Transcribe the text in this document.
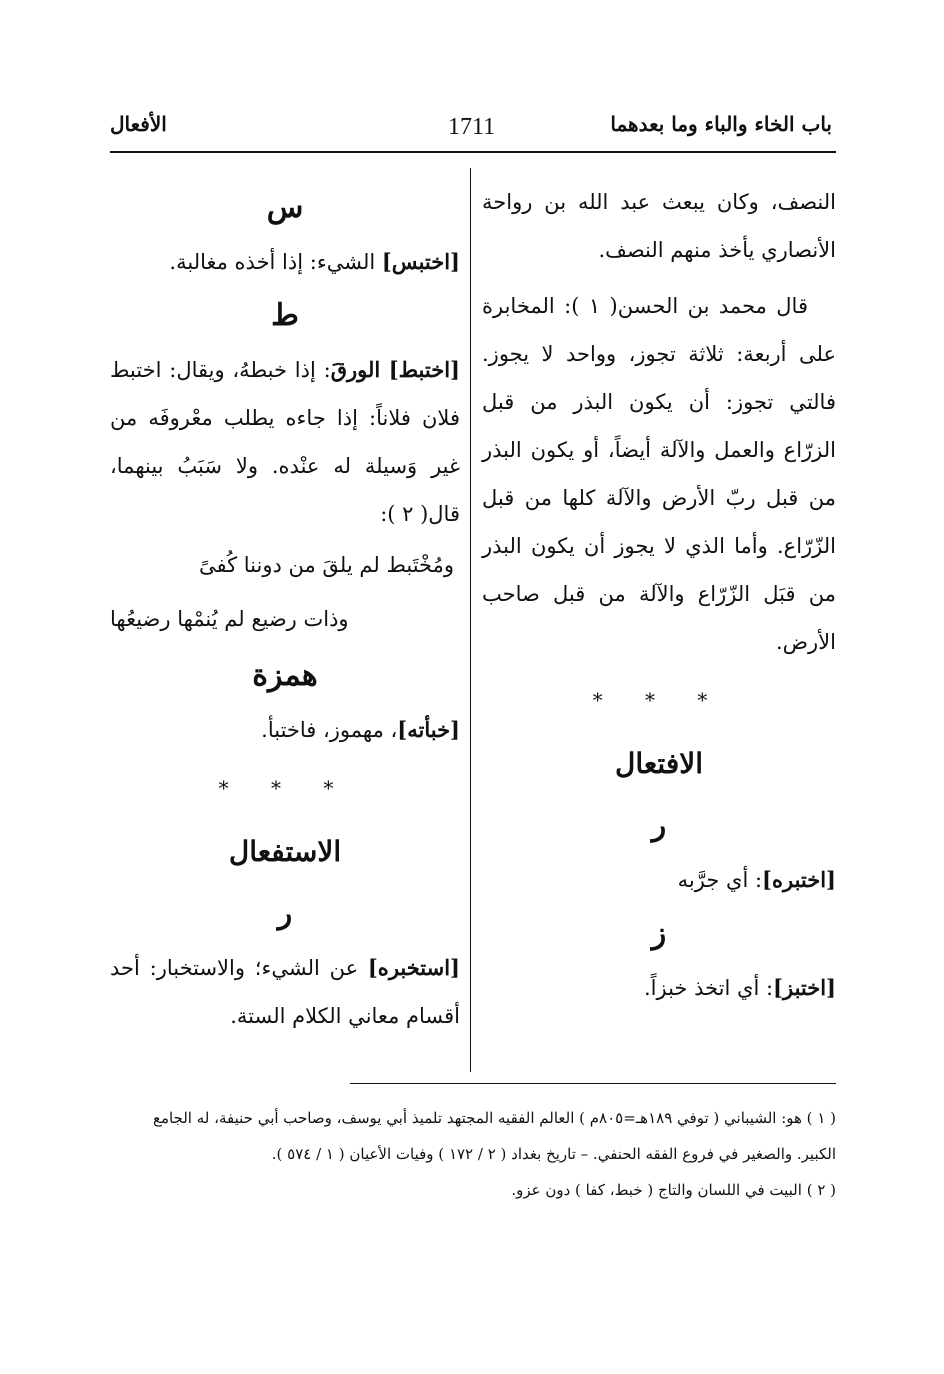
باب الخاء والباء وما بعدهما
1711
الأفعال

النصف، وكان يبعث عبد الله بن رواحة الأنصاري يأخذ منهم النصف.

قال محمد بن الحسن( ١ ): المخابرة على أربعة: ثلاثة تجوز، وواحد لا يجوز. فالتي تجوز: أن يكون البذر من قبل الزرّاع والعمل والآلة أيضاً، أو يكون البذر من قبل ربّ الأرض والآلة كلها من قبل الزّرّاع. وأما الذي لا يجوز أن يكون البذر من قبَل الزّرّاع والآلة من قبل صاحب الأرض.

* * *
الافتعال
ر

[اختبره]: أي جرَّبه

ز

[اختبز]: أي اتخذ خبزاً.

س

[اختبس] الشيء: إذا أخذه مغالبة.

ط

[اختبط] الورقَ: إذا خبطهُ، ويقال: اختبط فلان فلاناً: إذا جاءه يطلب معْروفَه من غير وَسيلة له عنْده. ولا سَبَبُ بينهما، قال( ٢ ):

ومُخْتَبط لم يلقَ من دوننا كُفىً

وذات رضيع لم يُنمْها رضيعُها

همزة

[خبأته]، مهموز، فاختبأ.

* * *
الاستفعال
ر

[استخبره] عن الشيء؛ والاستخبار: أحد أقسام معاني الكلام الستة.

( ١ ) هو: الشيباني ( توفي ١٨٩هـ=٨٠٥م ) العالم الفقيه المجتهد تلميذ أبي يوسف، وصاحب أبي حنيفة، له الجامع

الكبير. والصغير في فروع الفقه الحنفي. – تاريخ بغداد ( ٢ / ١٧٢ ) وفيات الأعيان ( ١ / ٥٧٤ ).

( ٢ ) البيت في اللسان والتاج ( خبط، كفا ) دون عزو.
